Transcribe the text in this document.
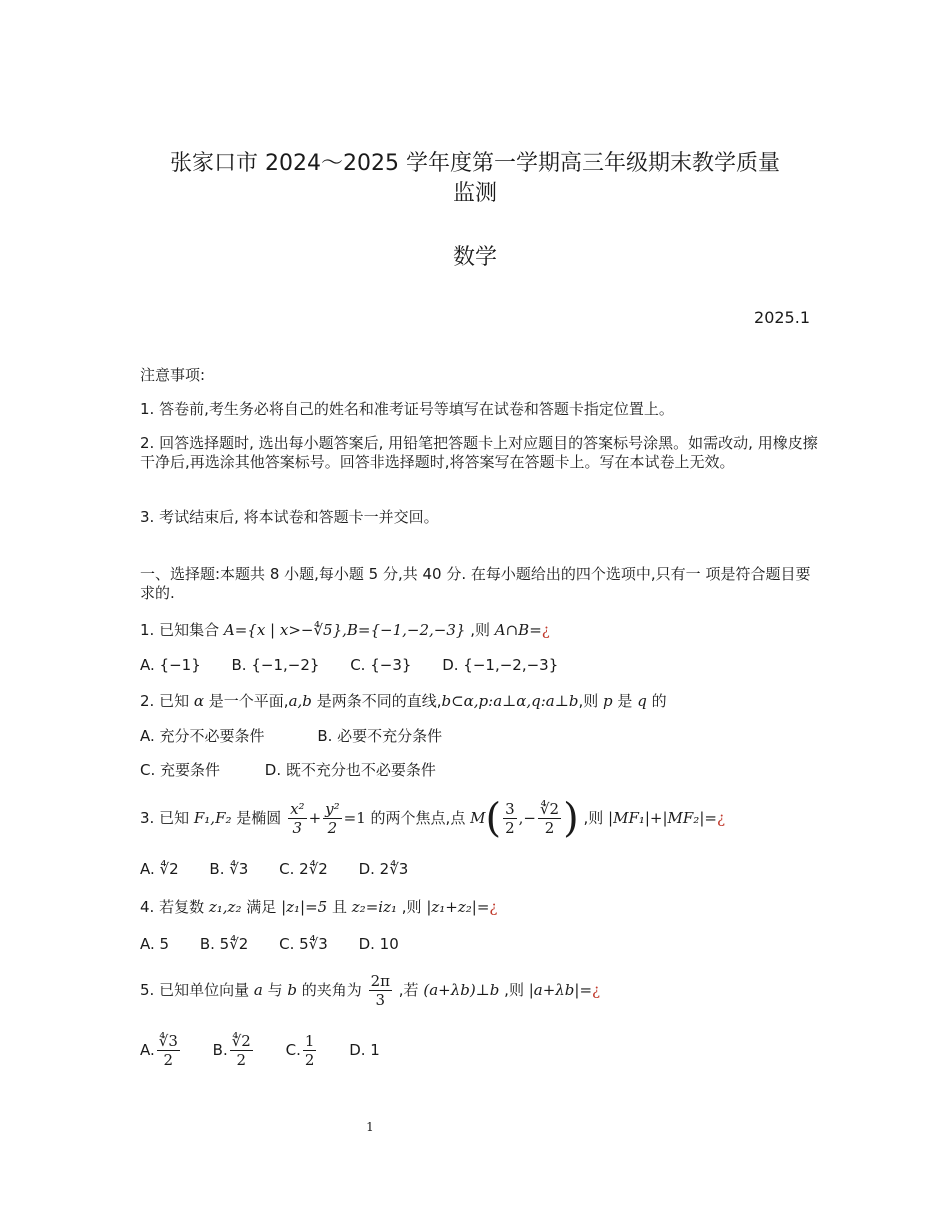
张家口市 2024～2025 学年度第一学期高三年级期末教学质量
监测
数学
2025.1
注意事项:
1. 答卷前,考生务必将自己的姓名和准考证号等填写在试卷和答题卡指定位置上。
2. 回答选择题时, 选出每小题答案后, 用铅笔把答题卡上对应题目的答案标号涂黑。如需改动, 用橡皮擦干净后,再选涂其他答案标号。回答非选择题时,将答案写在答题卡上。写在本试卷上无效。
3. 考试结束后, 将本试卷和答题卡一并交回。
一、选择题:本题共 8 小题,每小题 5 分,共 40 分. 在每小题给出的四个选项中,只有一 项是符合题目要求的.
1. 已知集合 A={x | x>−∜5},B={−1,−2,−3} ,则 A∩B=¿
A. {−1} B. {−1,−2} C. {−3} D. {−1,−2,−3}
2. 已知 α 是一个平面,a,b 是两条不同的直线,b⊂α,p:a⊥α,q:a⊥b,则 p 是 q 的
A. 充分不必要条件	B. 必要不充分条件
C. 充要条件	D. 既不充分也不必要条件
3. 已知 F₁,F₂ 是椭圆 $\frac{\text{x²}}{3} + \frac{\text{y²}}{2} =1$ 的两个焦点,点 $M( \frac{3}{2}$ ,− $\frac{∜2}{2}$ ) ,则 |MF₁|+|MF₂|=¿
A. ∜2 B. ∜3 C. 2∜2 D. 2∜3
4. 若复数 z₁,z₂ 满足 |z₁|=5 且 z₂=iz₁ ,则 |z₁+z₂|=¿
A. 5 B. 5∜2 C. 5∜3 D. 10
5. 已知单位向量 a 与 b 的夹角为 $\frac{2\pi}{3}$ ,若 (a+λb)⊥b ,则 |a+λb|=¿
A. $\frac{∜3}{2} B$. $\frac{∜2}{2} C$. $\frac{1}{2} D$. 1
1
